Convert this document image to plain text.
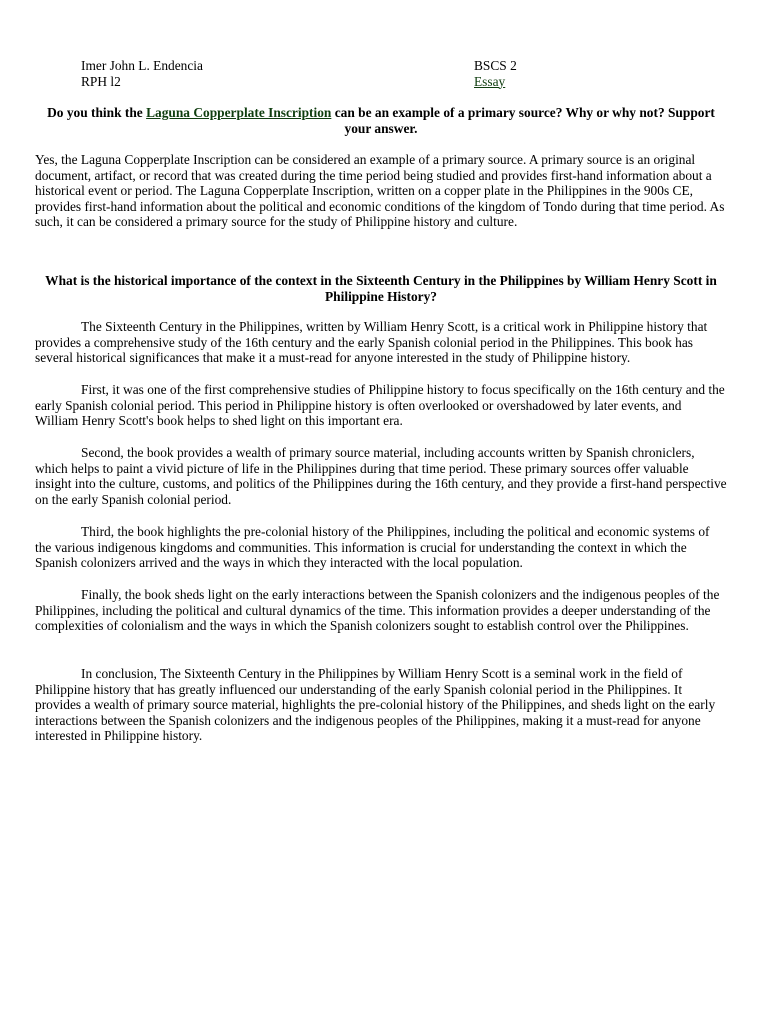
Imer John L. Endencia
RPH l2
BSCS 2
Essay
Do you think the Laguna Copperplate Inscription can be an example of a primary source? Why or why not? Support your answer.
Yes, the Laguna Copperplate Inscription can be considered an example of a primary source. A primary source is an original document, artifact, or record that was created during the time period being studied and provides first-hand information about a historical event or period. The Laguna Copperplate Inscription, written on a copper plate in the Philippines in the 900s CE, provides first-hand information about the political and economic conditions of the kingdom of Tondo during that time period. As such, it can be considered a primary source for the study of Philippine history and culture.
What is the historical importance of the context in the Sixteenth Century in the Philippines by William Henry Scott in Philippine History?
The Sixteenth Century in the Philippines, written by William Henry Scott, is a critical work in Philippine history that provides a comprehensive study of the 16th century and the early Spanish colonial period in the Philippines. This book has several historical significances that make it a must-read for anyone interested in the study of Philippine history.
First, it was one of the first comprehensive studies of Philippine history to focus specifically on the 16th century and the early Spanish colonial period. This period in Philippine history is often overlooked or overshadowed by later events, and William Henry Scott's book helps to shed light on this important era.
Second, the book provides a wealth of primary source material, including accounts written by Spanish chroniclers, which helps to paint a vivid picture of life in the Philippines during that time period. These primary sources offer valuable insight into the culture, customs, and politics of the Philippines during the 16th century, and they provide a first-hand perspective on the early Spanish colonial period.
Third, the book highlights the pre-colonial history of the Philippines, including the political and economic systems of the various indigenous kingdoms and communities. This information is crucial for understanding the context in which the Spanish colonizers arrived and the ways in which they interacted with the local population.
Finally, the book sheds light on the early interactions between the Spanish colonizers and the indigenous peoples of the Philippines, including the political and cultural dynamics of the time. This information provides a deeper understanding of the complexities of colonialism and the ways in which the Spanish colonizers sought to establish control over the Philippines.
In conclusion, The Sixteenth Century in the Philippines by William Henry Scott is a seminal work in the field of Philippine history that has greatly influenced our understanding of the early Spanish colonial period in the Philippines. It provides a wealth of primary source material, highlights the pre-colonial history of the Philippines, and sheds light on the early interactions between the Spanish colonizers and the indigenous peoples of the Philippines, making it a must-read for anyone interested in Philippine history.
